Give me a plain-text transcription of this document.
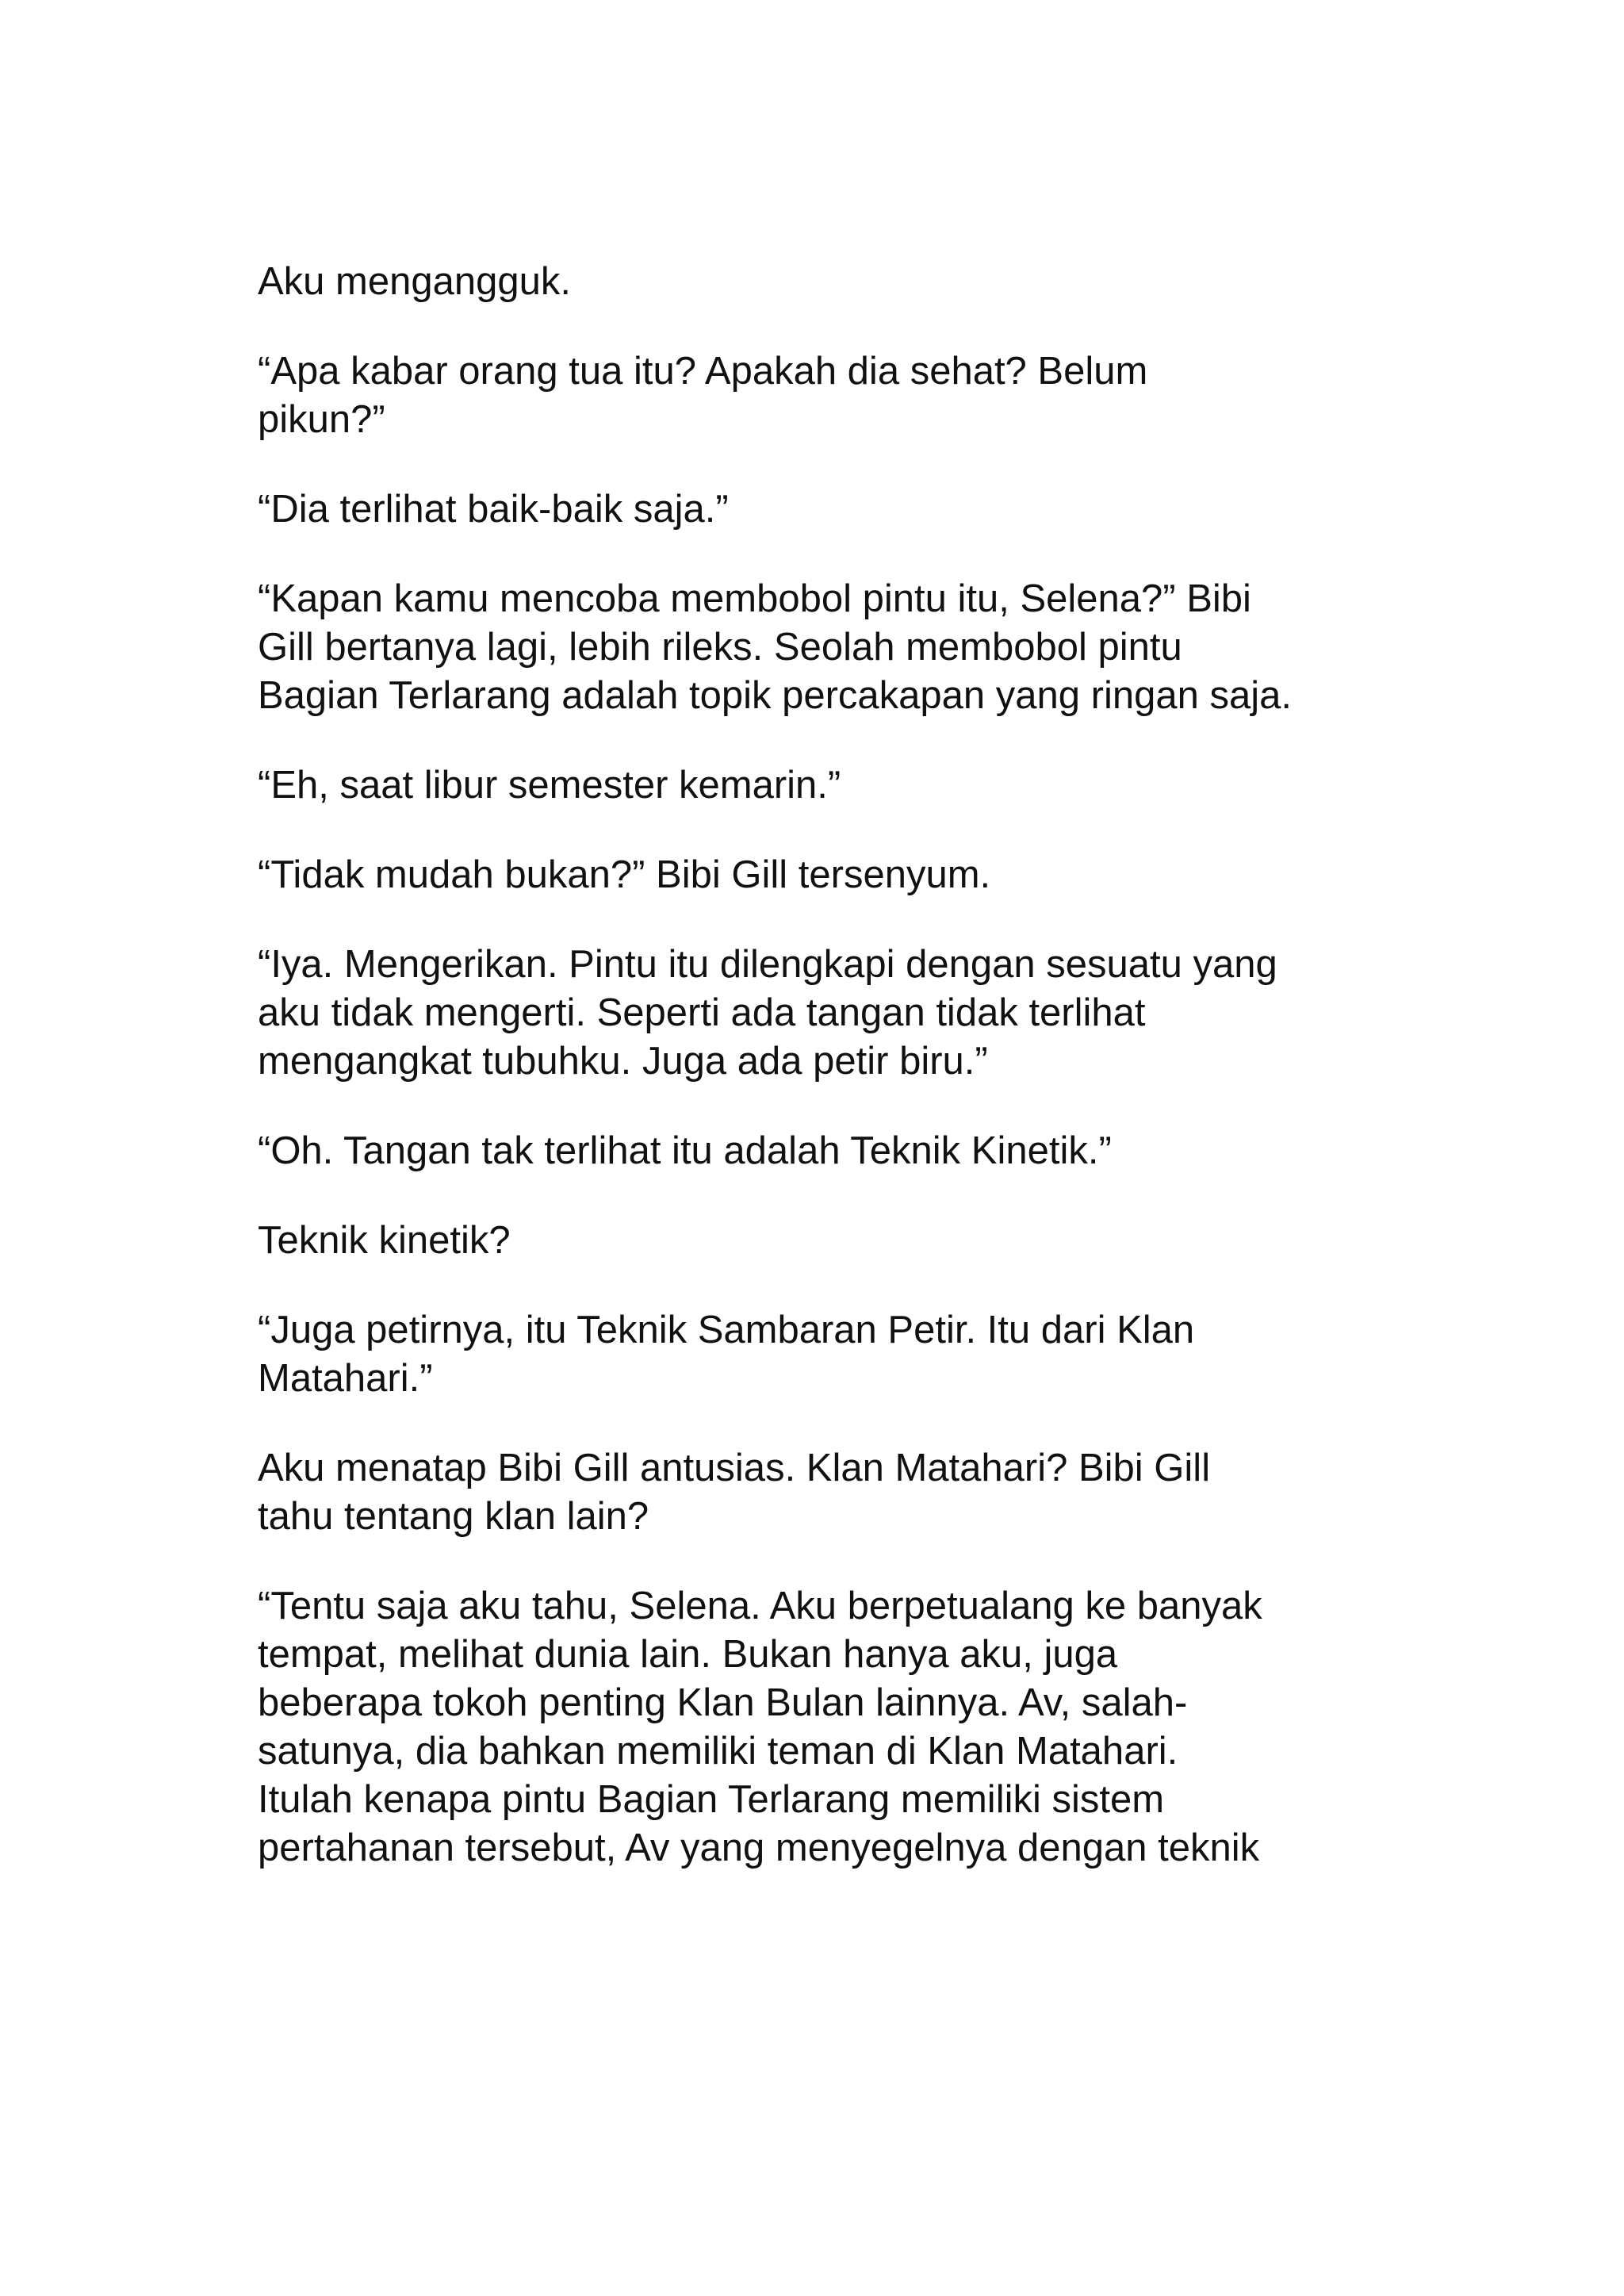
Aku mengangguk.

“Apa kabar orang tua itu? Apakah dia sehat? Belum
pikun?”

“Dia terlihat baik-baik saja.”

“Kapan kamu mencoba membobol pintu itu, Selena?” Bibi
Gill bertanya lagi, lebih rileks. Seolah membobol pintu
Bagian Terlarang adalah topik percakapan yang ringan saja.

“Eh, saat libur semester kemarin.”

“Tidak mudah bukan?” Bibi Gill tersenyum.

“Iya. Mengerikan. Pintu itu dilengkapi dengan sesuatu yang
aku tidak mengerti. Seperti ada tangan tidak terlihat
mengangkat tubuhku. Juga ada petir biru.”

“Oh. Tangan tak terlihat itu adalah Teknik Kinetik.”

Teknik kinetik?

“Juga petirnya, itu Teknik Sambaran Petir. Itu dari Klan
Matahari.”

Aku menatap Bibi Gill antusias. Klan Matahari? Bibi Gill
tahu tentang klan lain?

“Tentu saja aku tahu, Selena. Aku berpetualang ke banyak
tempat, melihat dunia lain. Bukan hanya aku, juga
beberapa tokoh penting Klan Bulan lainnya. Av, salah-
satunya, dia bahkan memiliki teman di Klan Matahari.
Itulah kenapa pintu Bagian Terlarang memiliki sistem
pertahanan tersebut, Av yang menyegelnya dengan teknik
